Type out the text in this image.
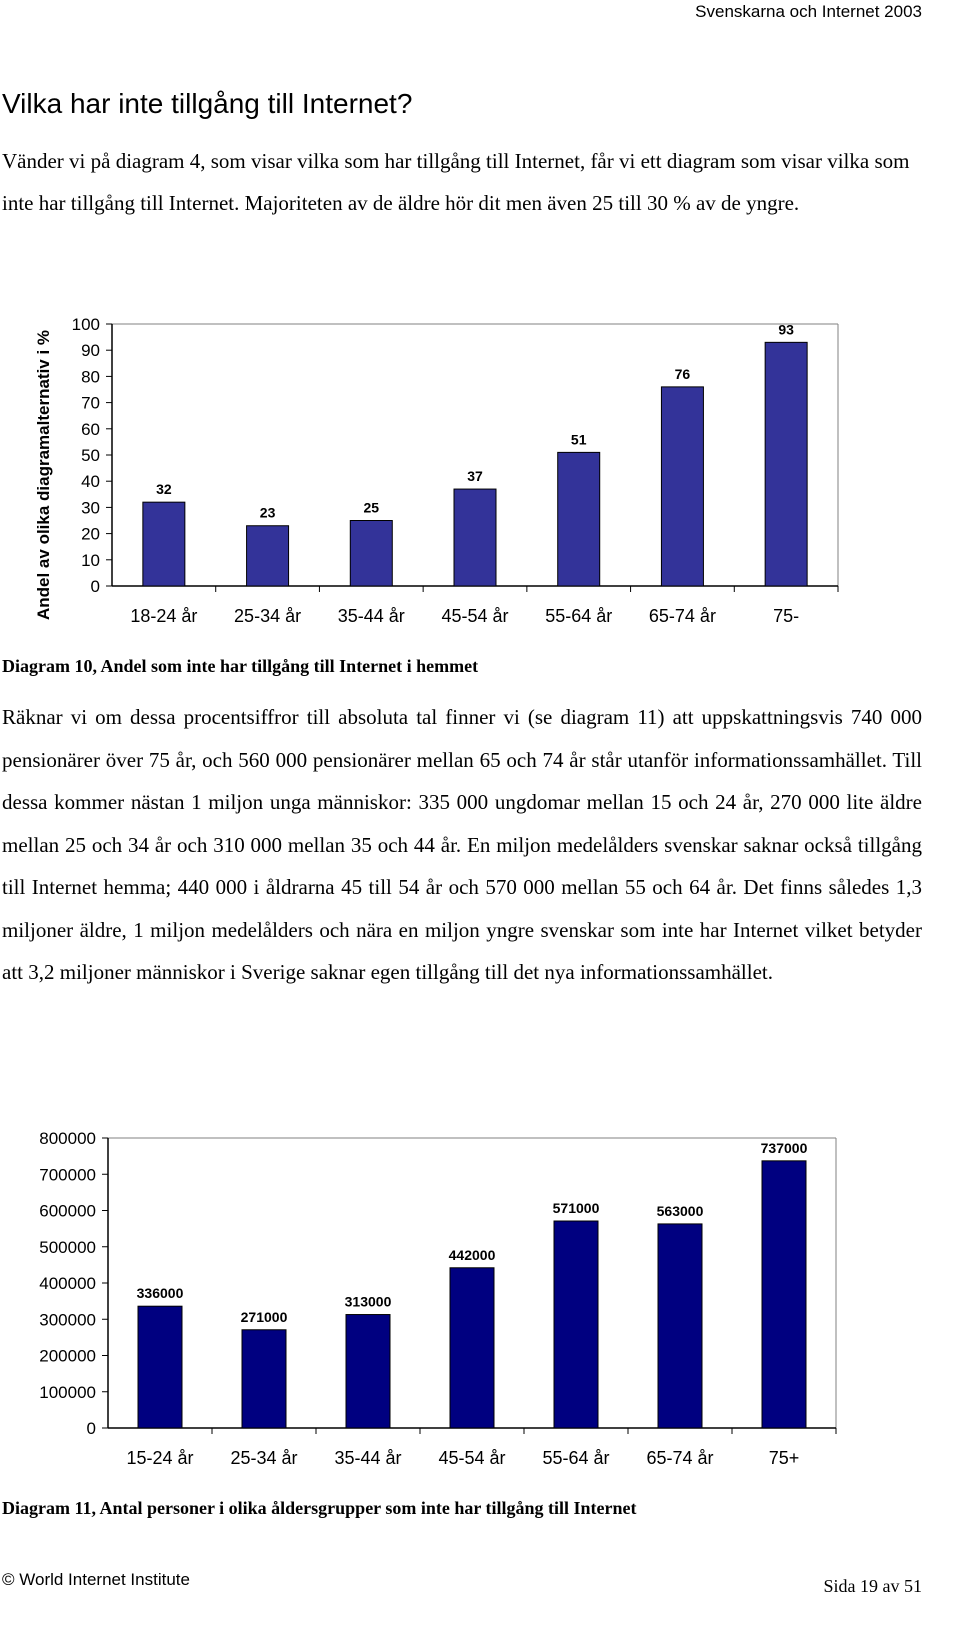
Svenskarna och Internet 2003
Vilka har inte tillgång till Internet?

Vänder vi på diagram 4, som visar vilka som har tillgång till Internet, får vi ett diagram som visar vilka som inte har tillgång till Internet. Majoriteten av de äldre hör dit men även 25 till 30 % av de yngre.

0
10
20
30
40
50
60
70
80
90
100
32
18-24 år
23
25-34 år
25
35-44 år
37
45-54 år
51
55-64 år
76
65-74 år
93
75-
Andel av olika diagramalternativ i %

Diagram 10, Andel som inte har tillgång till Internet i hemmet

Räknar vi om dessa procentsiffror till absoluta tal finner vi (se diagram 11) att uppskattningsvis 740 000 pensionärer över 75 år, och 560 000 pensionärer mellan 65 och 74 år står utanför informationssamhället. Till dessa kommer nästan 1 miljon unga människor: 335 000 ungdomar mellan 15 och 24 år, 270 000 lite äldre mellan 25 och 34 år och 310 000 mellan 35 och 44 år. En miljon medelålders svenskar saknar också tillgång till Internet hemma; 440 000 i åldrarna 45 till 54 år och 570 000 mellan 55 och 64 år. Det finns således 1,3 miljoner äldre, 1 miljon medelålders och nära en miljon yngre svenskar som inte har Internet vilket betyder att 3,2 miljoner människor i Sverige saknar egen tillgång till det nya informationssamhället.

0
100000
200000
300000
400000
500000
600000
700000
800000
336000
15-24 år
271000
25-34 år
313000
35-44 år
442000
45-54 år
571000
55-64 år
563000
65-74 år
737000
75+

Diagram 11, Antal personer i olika åldersgrupper som inte har tillgång till Internet

© World Internet Institute	Sida 19 av 51
